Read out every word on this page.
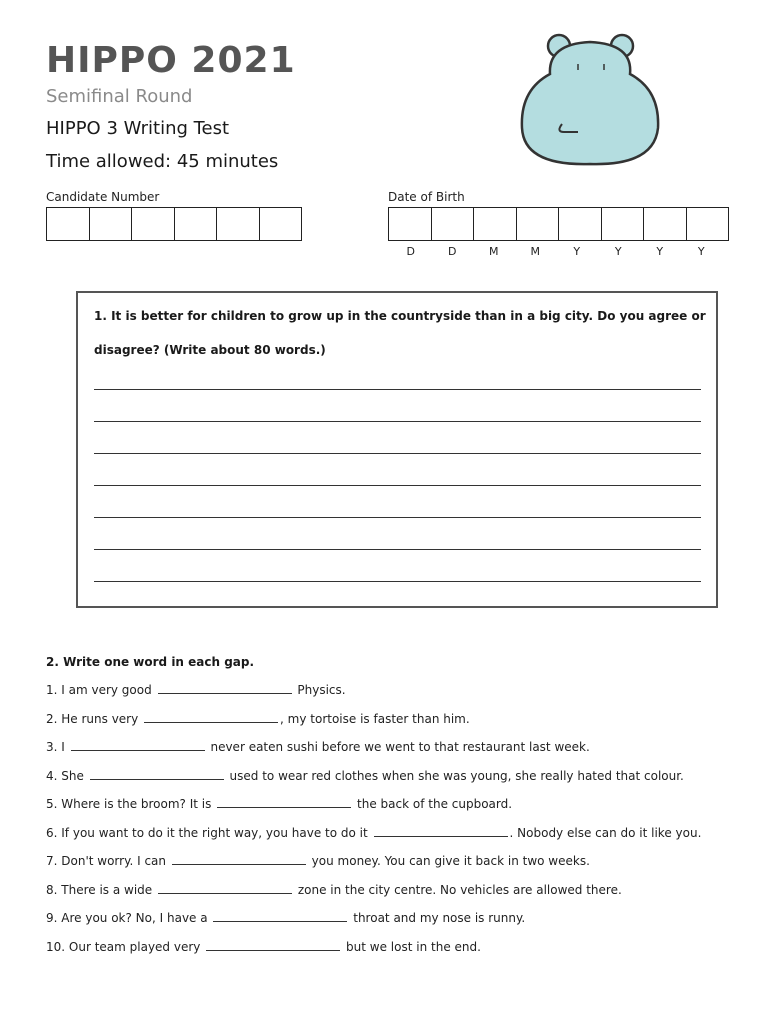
HIPPO 2021
Semifinal Round
HIPPO 3 Writing Test
Time allowed: 45 minutes
Candidate Number	Date of Birth
D	D	M	M	Y	Y	Y	Y
1. It is better for children to grow up in the countryside than in a big city. Do you agree or
disagree? (Write about 80 words.)
2. Write one word in each gap.
1. I am very good	Physics.
2. He runs very	, my tortoise is faster than him.
3. I	never eaten sushi before we went to that restaurant last week.
4. She	used to wear red clothes when she was young, she really hated that colour.
5. Where is the broom? It is	the back of the cupboard.
6. If you want to do it the right way, you have to do it	. Nobody else can do it like you.
7. Don't worry. I can	you money. You can give it back in two weeks.
8. There is a wide	zone in the city centre. No vehicles are allowed there.
9. Are you ok? No, I have a	throat and my nose is runny.
10. Our team played very	but we lost in the end.
